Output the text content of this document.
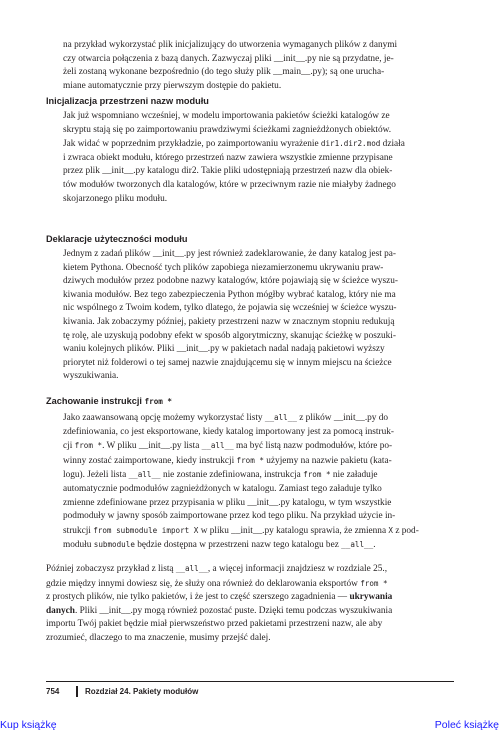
na przykład wykorzystać plik inicjalizujący do utworzenia wymaganych plików z danymi

czy otwarcia połączenia z bazą danych. Zazwyczaj pliki __init__.py nie są przydatne, je-

żeli zostaną wykonane bezpośrednio (do tego służy plik __main__.py); są one urucha-

miane automatycznie przy pierwszym dostępie do pakietu.

Inicjalizacja przestrzeni nazw modułu

Jak już wspomniano wcześniej, w modelu importowania pakietów ścieżki katalogów ze

skryptu stają się po zaimportowaniu prawdziwymi ścieżkami zagnieżdżonych obiektów.

Jak widać w poprzednim przykładzie, po zaimportowaniu wyrażenie dir1.dir2.mod działa

i zwraca obiekt modułu, którego przestrzeń nazw zawiera wszystkie zmienne przypisane

przez plik __init__.py katalogu dir2. Takie pliki udostępniają przestrzeń nazw dla obiek-

tów modułów tworzonych dla katalogów, które w przeciwnym razie nie miałyby żadnego

skojarzonego pliku modułu.

Deklaracje użyteczności modułu

Jednym z zadań plików __init__.py jest również zadeklarowanie, że dany katalog jest pa-

kietem Pythona. Obecność tych plików zapobiega niezamierzonemu ukrywaniu praw-

dziwych modułów przez podobne nazwy katalogów, które pojawiają się w ścieżce wyszu-

kiwania modułów. Bez tego zabezpieczenia Python mógłby wybrać katalog, który nie ma

nic wspólnego z Twoim kodem, tylko dlatego, że pojawia się wcześniej w ścieżce wyszu-

kiwania. Jak zobaczymy później, pakiety przestrzeni nazw w znacznym stopniu redukują

tę rolę, ale uzyskują podobny efekt w sposób algorytmiczny, skanując ścieżkę w poszuki-

waniu kolejnych plików. Pliki __init__.py w pakietach nadal nadają pakietowi wyższy

priorytet niż folderowi o tej samej nazwie znajdującemu się w innym miejscu na ścieżce

wyszukiwania.

Zachowanie instrukcji from *

Jako zaawansowaną opcję możemy wykorzystać listy __all__ z plików __init__.py do

zdefiniowania, co jest eksportowane, kiedy katalog importowany jest za pomocą instruk-

cji from *. W pliku __init__.py lista __all__ ma być listą nazw podmodułów, które po-

winny zostać zaimportowane, kiedy instrukcji from * użyjemy na nazwie pakietu (kata-

logu). Jeżeli lista __all__ nie zostanie zdefiniowana, instrukcja from * nie załaduje

automatycznie podmodułów zagnieżdżonych w katalogu. Zamiast tego załaduje tylko

zmienne zdefiniowane przez przypisania w pliku __init__.py katalogu, w tym wszystkie

podmoduły w jawny sposób zaimportowane przez kod tego pliku. Na przykład użycie in-

strukcji from submodule import X w pliku __init__.py katalogu sprawia, że zmienna X z pod-

modułu submodule będzie dostępna w przestrzeni nazw tego katalogu bez __all__.

Później zobaczysz przykład z listą __all__, a więcej informacji znajdziesz w rozdziale 25.,

gdzie między innymi dowiesz się, że służy ona również do deklarowania eksportów from *

z prostych plików, nie tylko pakietów, i że jest to część szerszego zagadnienia — ukrywania

danych. Pliki __init__.py mogą również pozostać puste. Dzięki temu podczas wyszukiwania

importu Twój pakiet będzie miał pierwszeństwo przed pakietami przestrzeni nazw, ale aby

zrozumieć, dlaczego to ma znaczenie, musimy przejść dalej.

754	Rozdział 24. Pakiety modułów
Kup książkę	Poleć książkę
